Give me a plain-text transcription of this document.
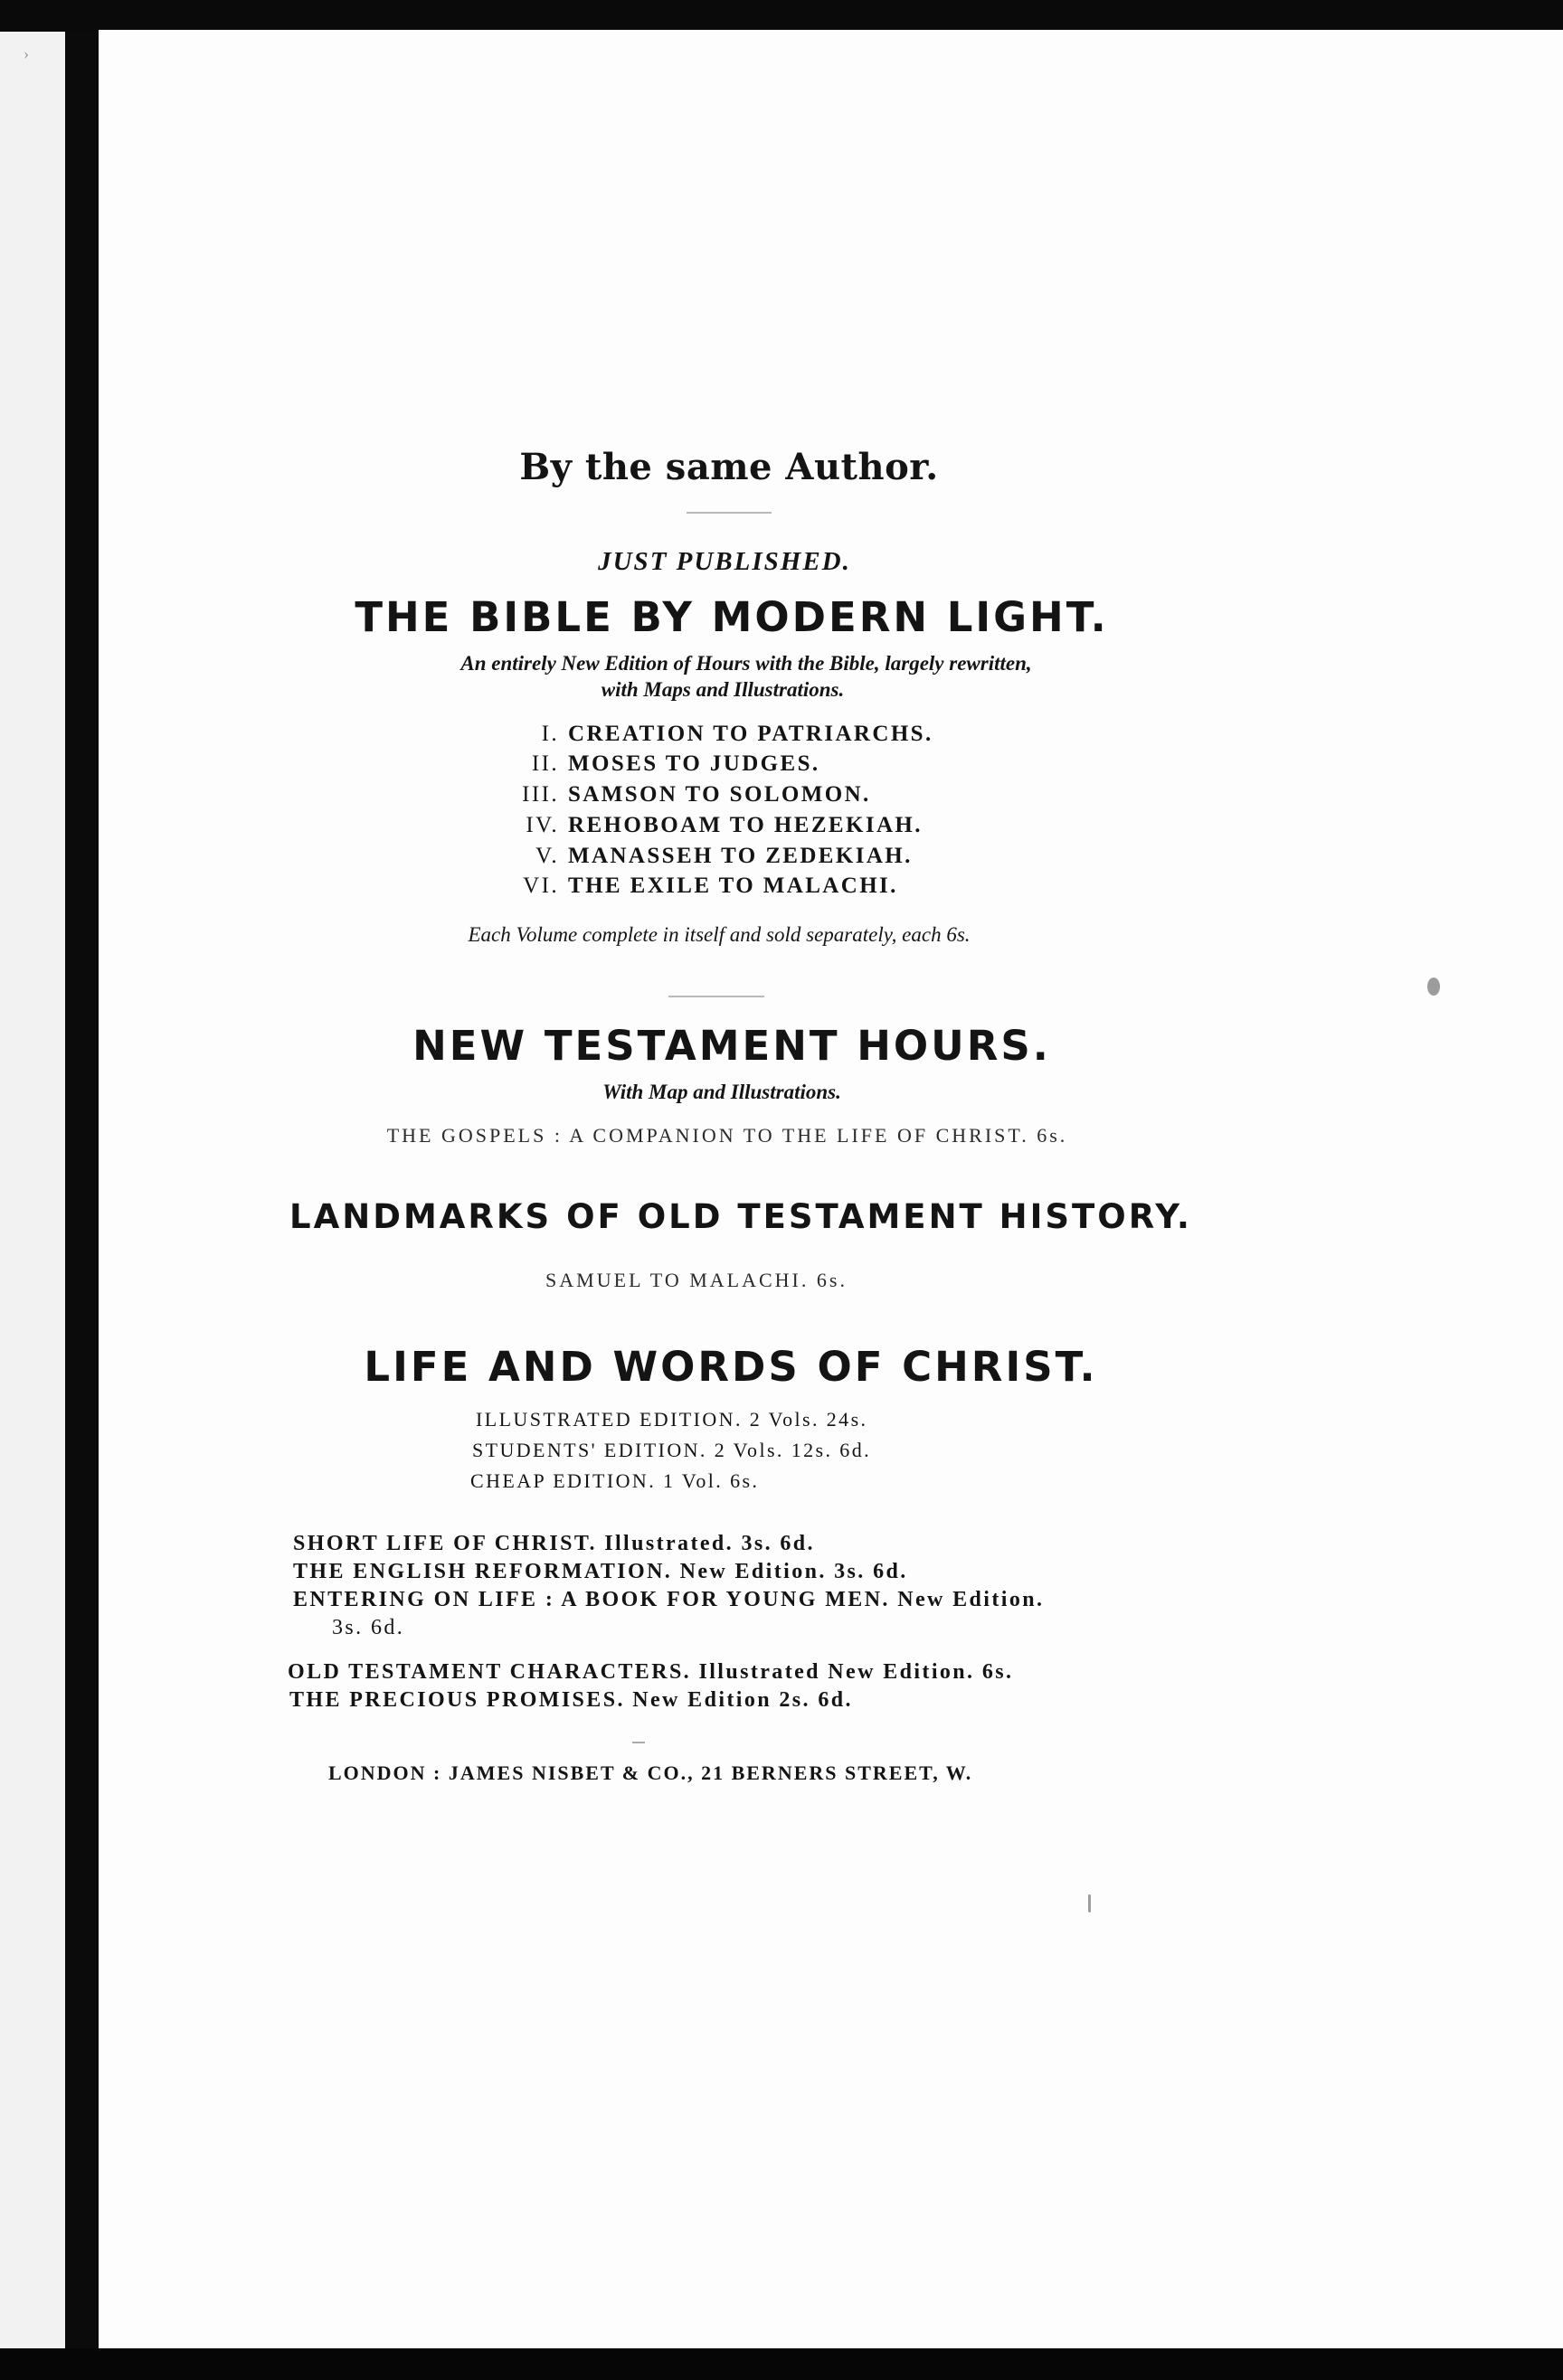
›
By the same Author.
JUST PUBLISHED.
THE BIBLE BY MODERN LIGHT.
An entirely New Edition of Hours with the Bible, largely rewritten,
with Maps and Illustrations.
I. CREATION TO PATRIARCHS.
II. MOSES TO JUDGES.
III. SAMSON TO SOLOMON.
IV. REHOBOAM TO HEZEKIAH.
V. MANASSEH TO ZEDEKIAH.
VI. THE EXILE TO MALACHI.
Each Volume complete in itself and sold separately, each 6s.
NEW TESTAMENT HOURS.
With Map and Illustrations.
THE GOSPELS : A COMPANION TO THE LIFE OF CHRIST. 6s.
LANDMARKS OF OLD TESTAMENT HISTORY.
SAMUEL TO MALACHI. 6s.
LIFE AND WORDS OF CHRIST.
ILLUSTRATED EDITION. 2 Vols. 24s.
STUDENTS' EDITION. 2 Vols. 12s. 6d.
CHEAP EDITION. 1 Vol. 6s.
SHORT LIFE OF CHRIST. Illustrated. 3s. 6d.
THE ENGLISH REFORMATION. New Edition. 3s. 6d.
ENTERING ON LIFE : A BOOK FOR YOUNG MEN. New Edition.
3s. 6d.
OLD TESTAMENT CHARACTERS. Illustrated New Edition. 6s.
THE PRECIOUS PROMISES. New Edition 2s. 6d.
LONDON : JAMES NISBET & CO., 21 BERNERS STREET, W.
